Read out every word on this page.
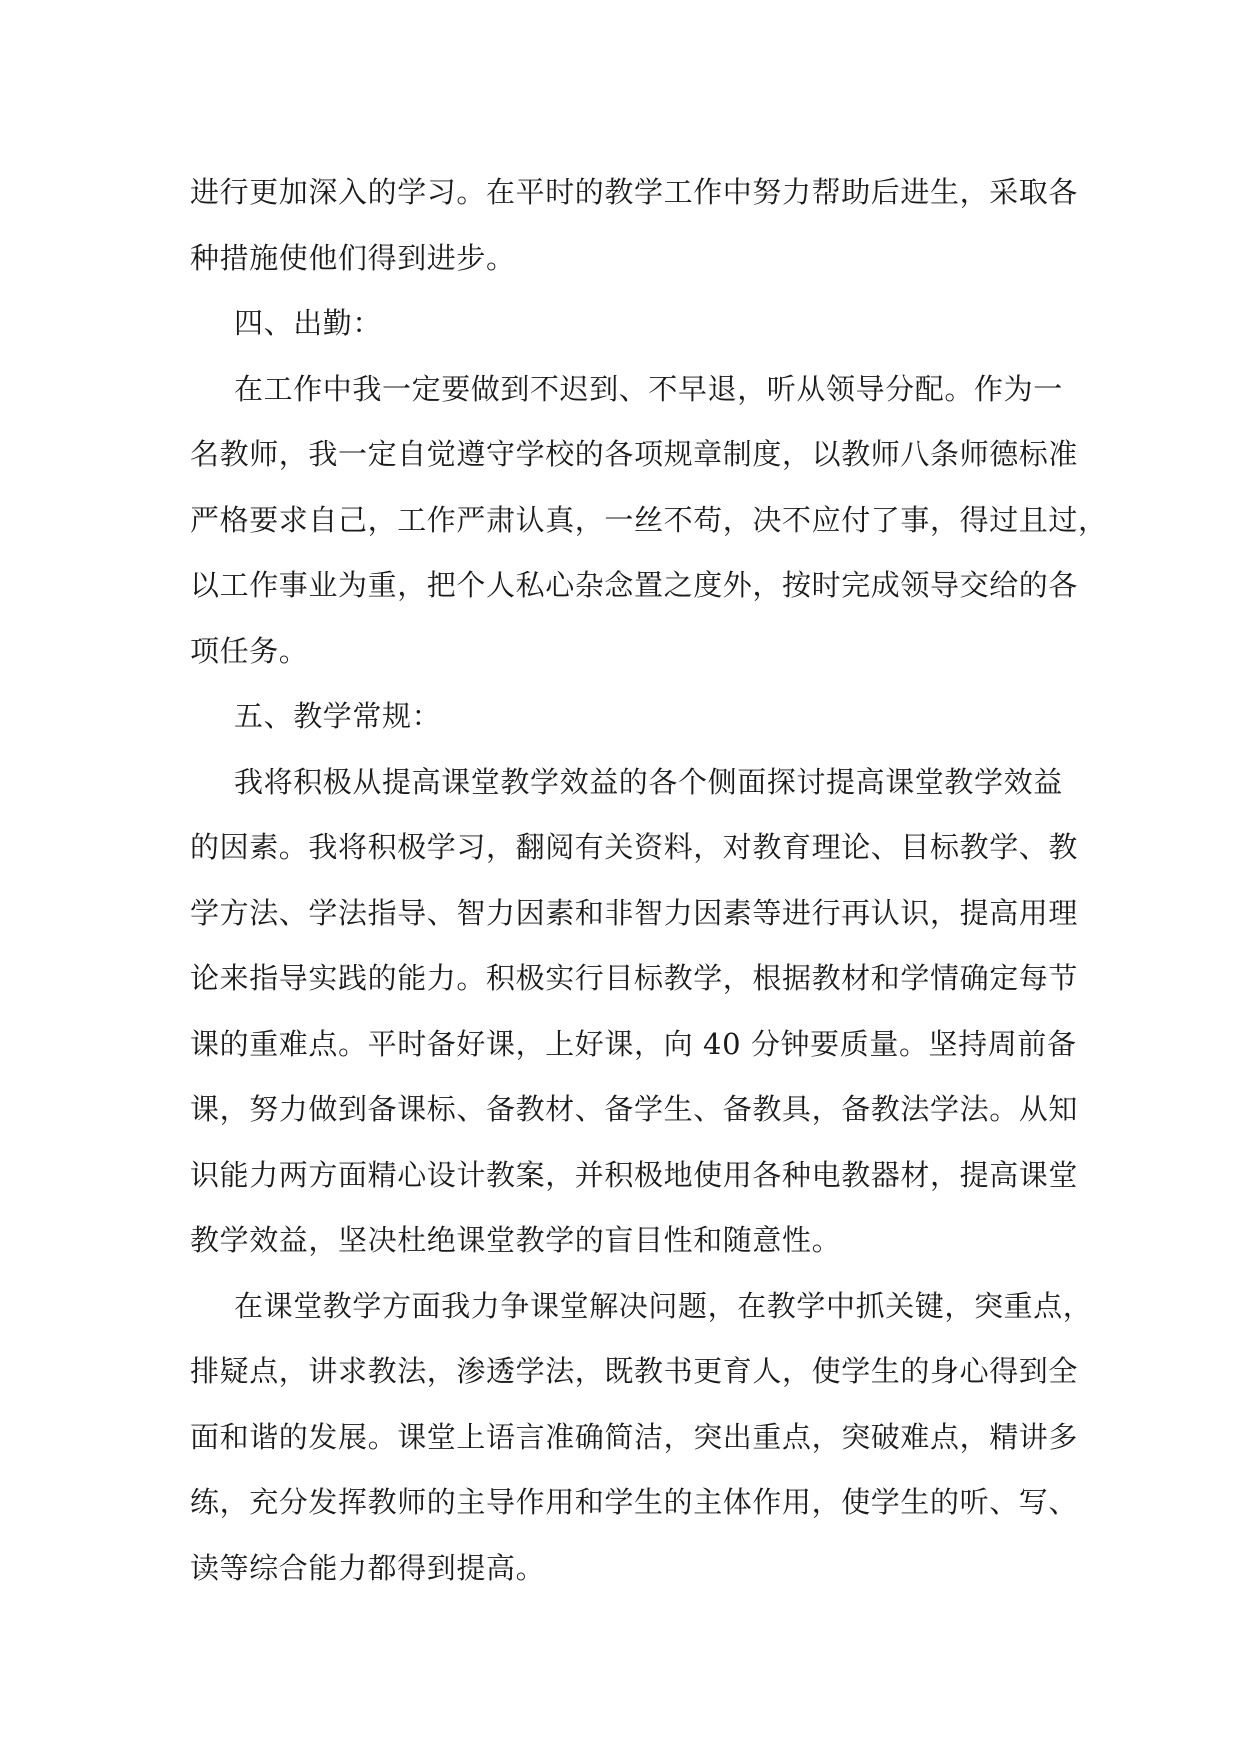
进行更加深入的学习。在平时的教学工作中努力帮助后进生，采取各
种措施使他们得到进步。
四、出勤：
在工作中我一定要做到不迟到、不早退，听从领导分配。作为一
名教师，我一定自觉遵守学校的各项规章制度，以教师八条师德标准
严格要求自己，工作严肃认真，一丝不苟，决不应付了事，得过且过，
以工作事业为重，把个人私心杂念置之度外，按时完成领导交给的各
项任务。
五、教学常规：
我将积极从提高课堂教学效益的各个侧面探讨提高课堂教学效益
的因素。我将积极学习，翻阅有关资料，对教育理论、目标教学、教
学方法、学法指导、智力因素和非智力因素等进行再认识，提高用理
论来指导实践的能力。积极实行目标教学，根据教材和学情确定每节
课的重难点。平时备好课，上好课，向 40 分钟要质量。坚持周前备
课，努力做到备课标、备教材、备学生、备教具，备教法学法。从知
识能力两方面精心设计教案，并积极地使用各种电教器材，提高课堂
教学效益，坚决杜绝课堂教学的盲目性和随意性。
在课堂教学方面我力争课堂解决问题，在教学中抓关键，突重点，
排疑点，讲求教法，渗透学法，既教书更育人，使学生的身心得到全
面和谐的发展。课堂上语言准确简洁，突出重点，突破难点，精讲多
练，充分发挥教师的主导作用和学生的主体作用，使学生的听、写、
读等综合能力都得到提高。
